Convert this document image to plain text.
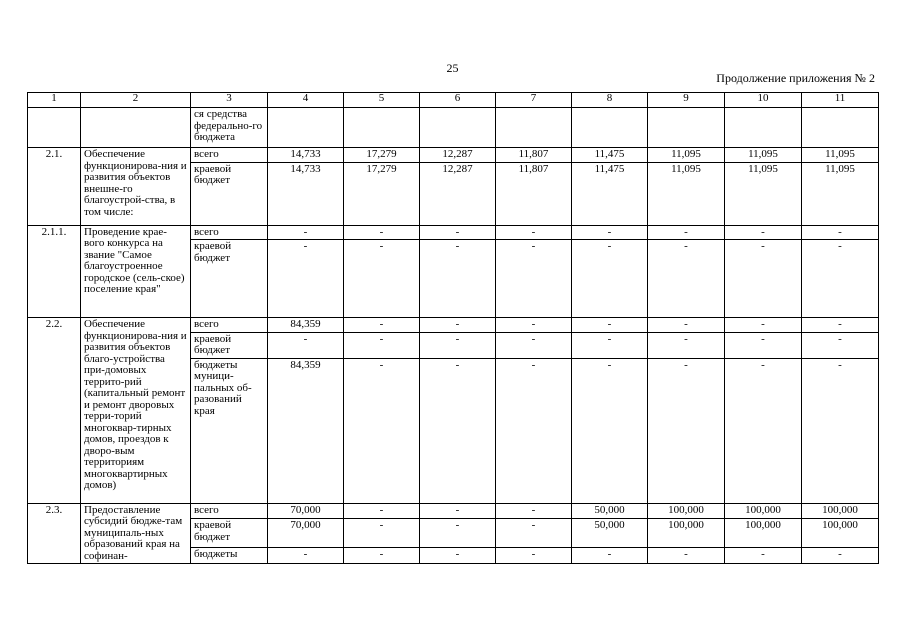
25
Продолжение приложения № 2
1	2	3	4	5	6	7	8	9	10	11
		ся средства федерально-го бюджета								
2.1.	Обеспечение функционирова-ния и развития объектов внешне-го благоустрой-ства, в том числе:	всего	14,733	17,279	12,287	11,807	11,475	11,095	11,095	11,095
		краевой бюджет	14,733	17,279	12,287	11,807	11,475	11,095	11,095	11,095
2.1.1.	Проведение крае-вого конкурса на звание "Самое благоустроенное городское (сель-ское) поселение края"	всего	-	-	-	-	-	-	-	-
		краевой бюджет	-	-	-	-	-	-	-	-
2.2.	Обеспечение функционирова-ния и развития объектов благо-устройства при-домовых террито-рий (капитальный ремонт и ремонт дворовых терри-торий многоквар-тирных домов, проездов к дворо-вым территориям многоквартирных домов)	всего	84,359	-	-	-	-	-	-	-
		краевой бюджет	-	-	-	-	-	-	-	-
		бюджеты муници-пальных об-разований края	84,359	-	-	-	-	-	-	-
2.3.	Предоставление субсидий бюдже-там муниципаль-ных образований края на софинан-	всего	70,000	-	-	-	50,000	100,000	100,000	100,000
		краевой бюджет	70,000	-	-	-	50,000	100,000	100,000	100,000
		бюджеты	-	-	-	-	-	-	-	-
